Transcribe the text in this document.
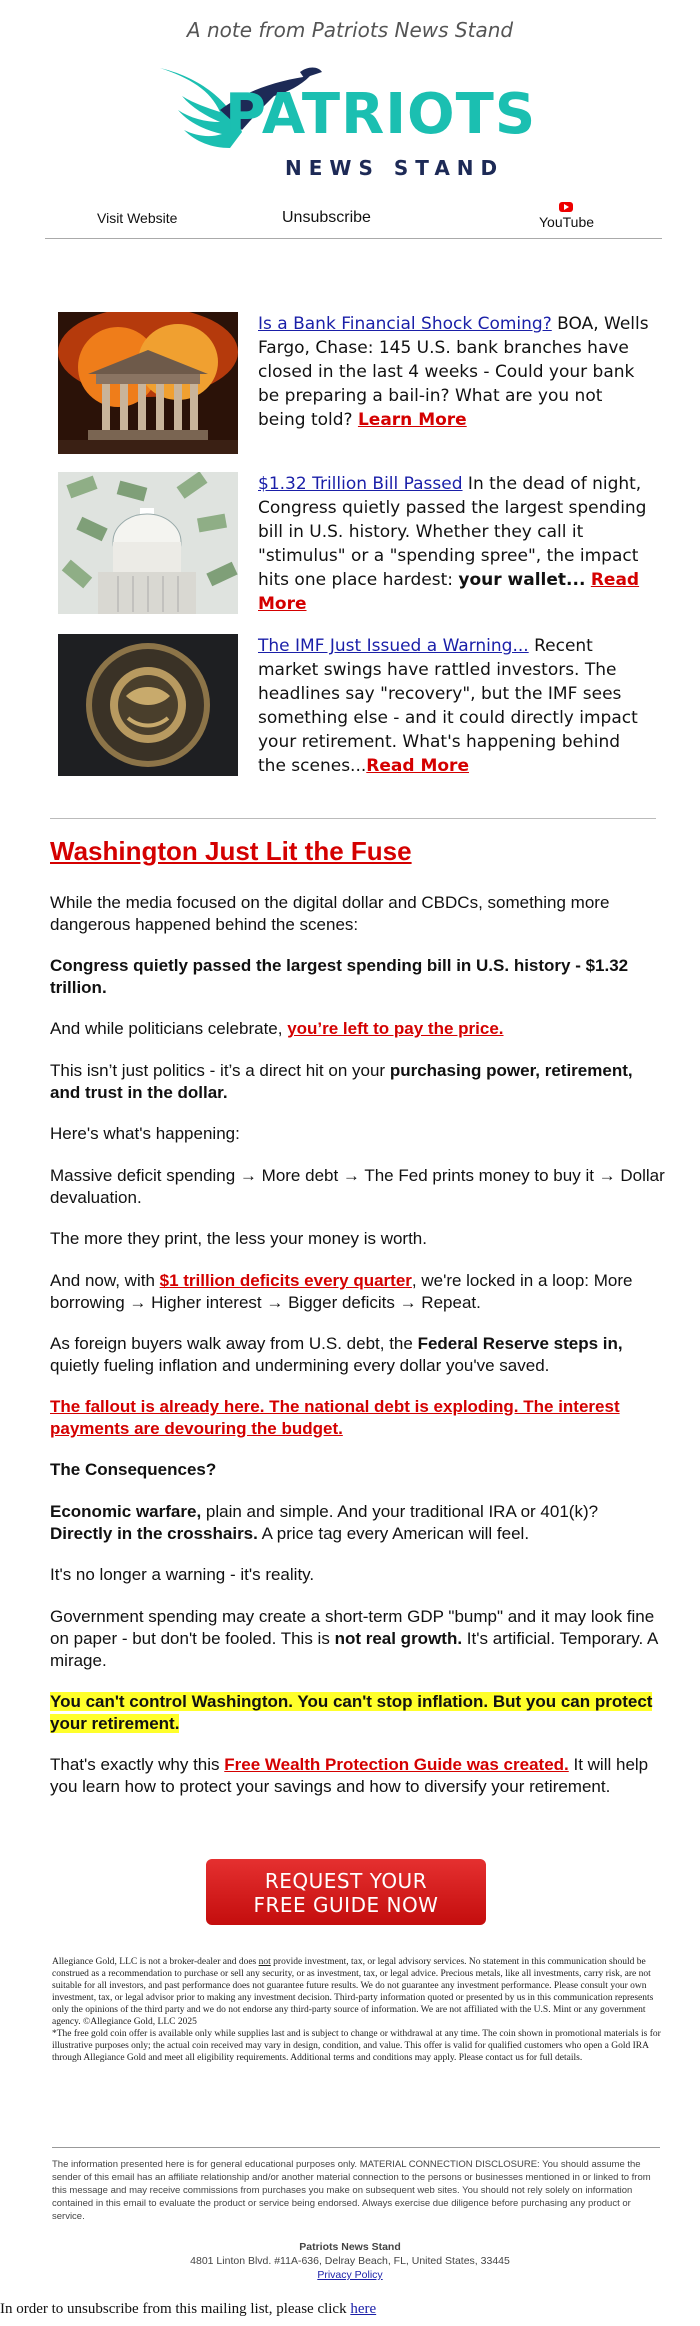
A note from Patriots News Stand
PATRIOTS
NEWS STAND
Visit Website	Unsubscribe	YouTube
Is a Bank Financial Shock Coming? BOA, Wells Fargo, Chase: 145 U.S. bank branches have closed in the last 4 weeks - Could your bank be preparing a bail-in? What are you not being told? Learn More
$1.32 Trillion Bill Passed In the dead of night, Congress quietly passed the largest spending bill in U.S. history. Whether they call it "stimulus" or a "spending spree", the impact hits one place hardest: your wallet... Read More
The IMF Just Issued a Warning... Recent market swings have rattled investors. The headlines say "recovery", but the IMF sees something else - and it could directly impact your retirement. What's happening behind the scenes...Read More
Washington Just Lit the Fuse
While the media focused on the digital dollar and CBDCs, something more dangerous happened behind the scenes:
Congress quietly passed the largest spending bill in U.S. history - $1.32 trillion.
And while politicians celebrate, you’re left to pay the price.
This isn’t just politics - it’s a direct hit on your purchasing power, retirement, and trust in the dollar.
Here's what's happening:
Massive deficit spending → More debt → The Fed prints money to buy it → Dollar devaluation.
The more they print, the less your money is worth.
And now, with $1 trillion deficits every quarter, we're locked in a loop: More borrowing → Higher interest → Bigger deficits → Repeat.
As foreign buyers walk away from U.S. debt, the Federal Reserve steps in, quietly fueling inflation and undermining every dollar you've saved.
The fallout is already here. The national debt is exploding. The interest payments are devouring the budget.
The Consequences?
Economic warfare, plain and simple. And your traditional IRA or 401(k)? Directly in the crosshairs. A price tag every American will feel.
It's no longer a warning - it's reality.
Government spending may create a short-term GDP "bump" and it may look fine on paper - but don't be fooled. This is not real growth. It's artificial. Temporary. A mirage.
You can't control Washington. You can't stop inflation. But you can protect your retirement.
That's exactly why this Free Wealth Protection Guide was created. It will help you learn how to protect your savings and how to diversify your retirement.
REQUEST YOUR
FREE GUIDE NOW
Allegiance Gold, LLC is not a broker-dealer and does not provide investment, tax, or legal advisory services. No statement in this communication should be construed as a recommendation to purchase or sell any security, or as investment, tax, or legal advice. Precious metals, like all investments, carry risk, are not suitable for all investors, and past performance does not guarantee future results. We do not guarantee any investment performance. Please consult your own investment, tax, or legal advisor prior to making any investment decision. Third-party information quoted or presented by us in this communication represents only the opinions of the third party and we do not endorse any third-party source of information. We are not affiliated with the U.S. Mint or any government agency. ©Allegiance Gold, LLC 2025
*The free gold coin offer is available only while supplies last and is subject to change or withdrawal at any time. The coin shown in promotional materials is for illustrative purposes only; the actual coin received may vary in design, condition, and value. This offer is valid for qualified customers who open a Gold IRA through Allegiance Gold and meet all eligibility requirements. Additional terms and conditions may apply. Please contact us for full details.
The information presented here is for general educational purposes only. MATERIAL CONNECTION DISCLOSURE: You should assume the sender of this email has an affiliate relationship and/or another material connection to the persons or businesses mentioned in or linked to from this message and may receive commissions from purchases you make on subsequent web sites. You should not rely solely on information contained in this email to evaluate the product or service being endorsed. Always exercise due diligence before purchasing any product or service.
Patriots News Stand
4801 Linton Blvd. #11A-636, Delray Beach, FL, United States, 33445
Privacy Policy
In order to unsubscribe from this mailing list, please click here
